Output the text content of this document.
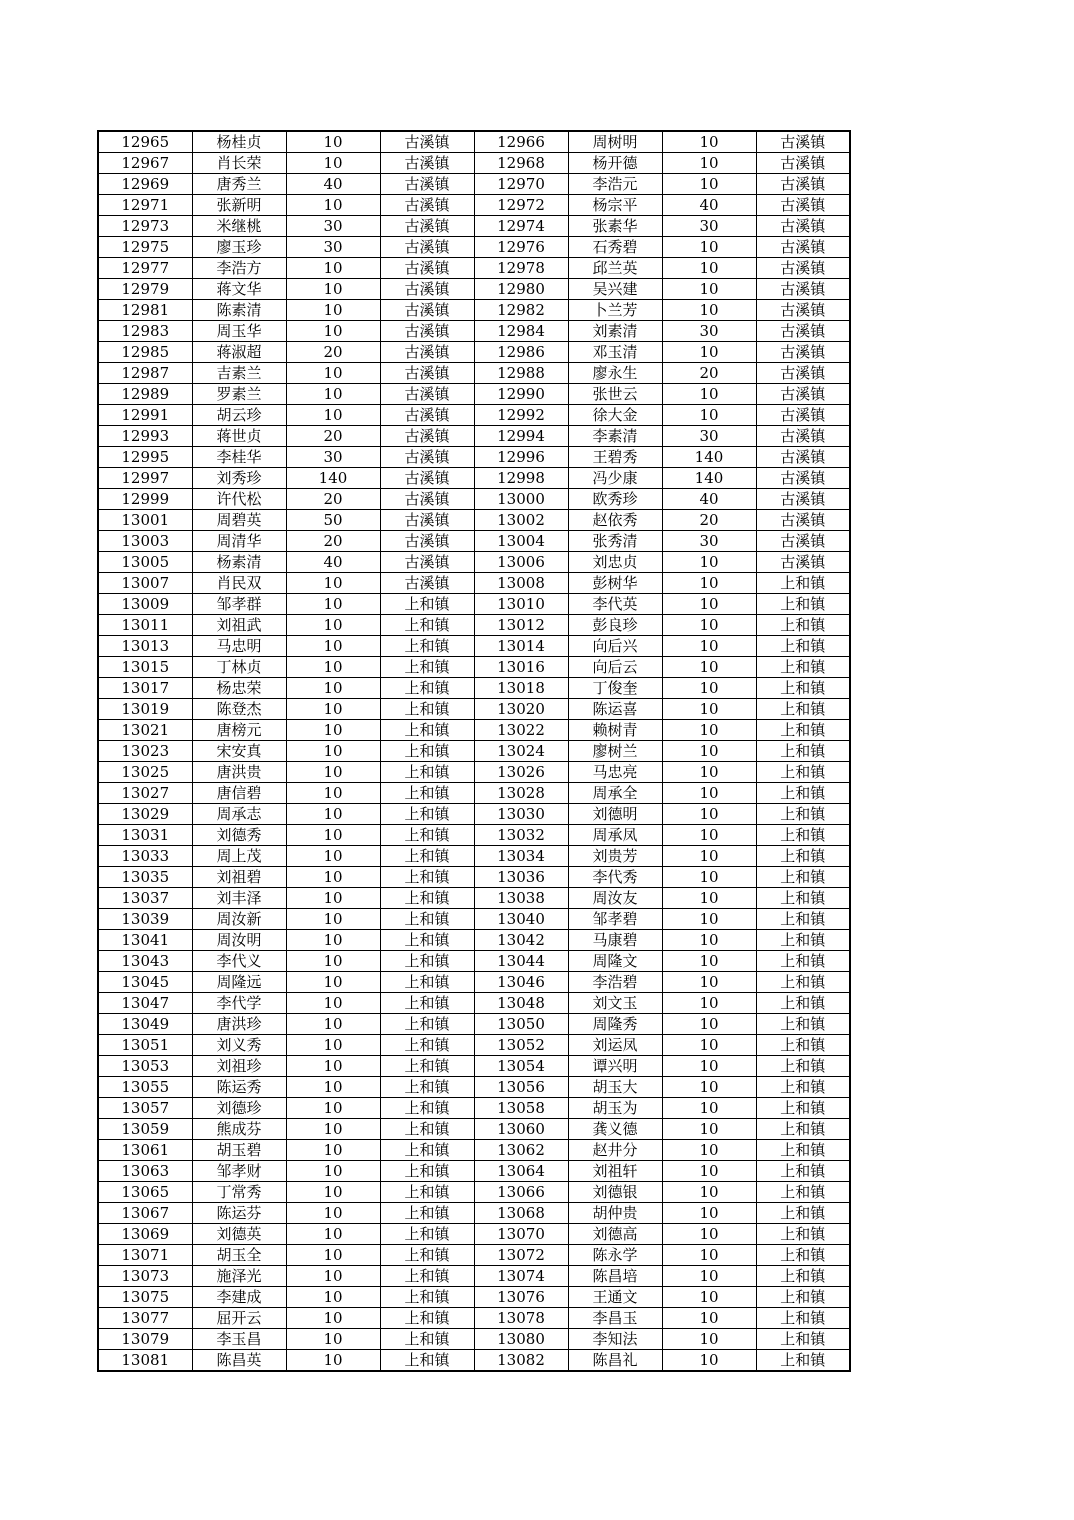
12965	杨桂贞	10	古溪镇	12966	周树明	10	古溪镇
12967	肖长荣	10	古溪镇	12968	杨开德	10	古溪镇
12969	唐秀兰	40	古溪镇	12970	李浩元	10	古溪镇
12971	张新明	10	古溪镇	12972	杨宗平	40	古溪镇
12973	米继桃	30	古溪镇	12974	张素华	30	古溪镇
12975	廖玉珍	30	古溪镇	12976	石秀碧	10	古溪镇
12977	李浩方	10	古溪镇	12978	邱兰英	10	古溪镇
12979	蒋文华	10	古溪镇	12980	吴兴建	10	古溪镇
12981	陈素清	10	古溪镇	12982	卜兰芳	10	古溪镇
12983	周玉华	10	古溪镇	12984	刘素清	30	古溪镇
12985	蒋淑超	20	古溪镇	12986	邓玉清	10	古溪镇
12987	吉素兰	10	古溪镇	12988	廖永生	20	古溪镇
12989	罗素兰	10	古溪镇	12990	张世云	10	古溪镇
12991	胡云珍	10	古溪镇	12992	徐大金	10	古溪镇
12993	蒋世贞	20	古溪镇	12994	李素清	30	古溪镇
12995	李桂华	30	古溪镇	12996	王碧秀	140	古溪镇
12997	刘秀珍	140	古溪镇	12998	冯少康	140	古溪镇
12999	许代松	20	古溪镇	13000	欧秀珍	40	古溪镇
13001	周碧英	50	古溪镇	13002	赵依秀	20	古溪镇
13003	周清华	20	古溪镇	13004	张秀清	30	古溪镇
13005	杨素清	40	古溪镇	13006	刘忠贞	10	古溪镇
13007	肖民双	10	古溪镇	13008	彭树华	10	上和镇
13009	邹孝群	10	上和镇	13010	李代英	10	上和镇
13011	刘祖武	10	上和镇	13012	彭良珍	10	上和镇
13013	马忠明	10	上和镇	13014	向后兴	10	上和镇
13015	丁林贞	10	上和镇	13016	向后云	10	上和镇
13017	杨忠荣	10	上和镇	13018	丁俊奎	10	上和镇
13019	陈登杰	10	上和镇	13020	陈运喜	10	上和镇
13021	唐榜元	10	上和镇	13022	赖树青	10	上和镇
13023	宋安真	10	上和镇	13024	廖树兰	10	上和镇
13025	唐洪贵	10	上和镇	13026	马忠亮	10	上和镇
13027	唐信碧	10	上和镇	13028	周承全	10	上和镇
13029	周承志	10	上和镇	13030	刘德明	10	上和镇
13031	刘德秀	10	上和镇	13032	周承凤	10	上和镇
13033	周上茂	10	上和镇	13034	刘贵芳	10	上和镇
13035	刘祖碧	10	上和镇	13036	李代秀	10	上和镇
13037	刘丰泽	10	上和镇	13038	周汝友	10	上和镇
13039	周汝新	10	上和镇	13040	邹孝碧	10	上和镇
13041	周汝明	10	上和镇	13042	马康碧	10	上和镇
13043	李代义	10	上和镇	13044	周隆文	10	上和镇
13045	周隆远	10	上和镇	13046	李浩碧	10	上和镇
13047	李代学	10	上和镇	13048	刘文玉	10	上和镇
13049	唐洪珍	10	上和镇	13050	周隆秀	10	上和镇
13051	刘义秀	10	上和镇	13052	刘运凤	10	上和镇
13053	刘祖珍	10	上和镇	13054	谭兴明	10	上和镇
13055	陈运秀	10	上和镇	13056	胡玉大	10	上和镇
13057	刘德珍	10	上和镇	13058	胡玉为	10	上和镇
13059	熊成芬	10	上和镇	13060	龚义德	10	上和镇
13061	胡玉碧	10	上和镇	13062	赵井分	10	上和镇
13063	邹孝财	10	上和镇	13064	刘祖轩	10	上和镇
13065	丁常秀	10	上和镇	13066	刘德银	10	上和镇
13067	陈运芬	10	上和镇	13068	胡仲贵	10	上和镇
13069	刘德英	10	上和镇	13070	刘德高	10	上和镇
13071	胡玉全	10	上和镇	13072	陈永学	10	上和镇
13073	施泽光	10	上和镇	13074	陈昌培	10	上和镇
13075	李建成	10	上和镇	13076	王通文	10	上和镇
13077	屈开云	10	上和镇	13078	李昌玉	10	上和镇
13079	李玉昌	10	上和镇	13080	李知法	10	上和镇
13081	陈昌英	10	上和镇	13082	陈昌礼	10	上和镇
